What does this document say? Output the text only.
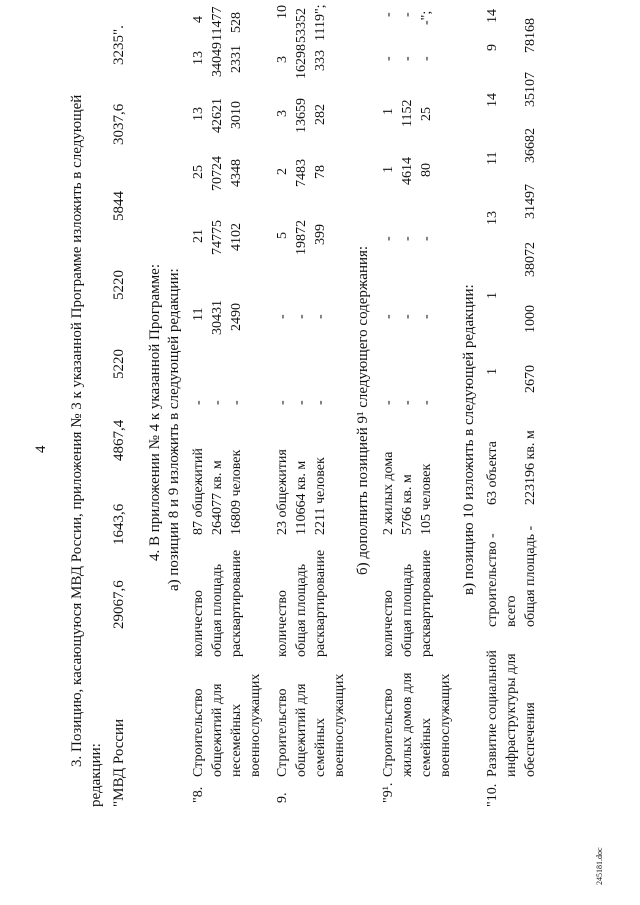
4 3. Позицию, касающуюся МВД России, приложения № 3 к указанной Программе изложить в следующей
редакции: "МВД России
29067,6
1643,6
4867,4
5220
5220
5844
3037,6
3235".
4. В приложении № 4 к указанной Программе: а) позиции 8 и 9 изложить в следующей редакции:
"8.
Строительство общежитий для несемейных военнослужащих
количество общая площадь расквартирование
87 общежитий 264077 кв. м 16809 человек
- - -
11 30431 2490
21 74775 4102
25 70724 4348
13 42621 3010
13 34049 2331
4 11477 528
9.
Строительство общежитий для семейных военнослужащих
количество общая площадь расквартирование
23 общежития 110664 кв. м 2211 человек
- - -
- - -
5 19872 399
2 7483 78
3 13659 282
3 16298 333
10 53352 1119";
б) дополнить позицией 9¹ следующего содержания:
"9¹.
Строительство жилых домов для семейных военнослужащих
количество общая площадь расквартирование
2 жилых дома 5766 кв. м 105 человек
- - -
- - -
- - -
1 4614 80
1 1152 25
- - -
- - -";
в) позицию 10 изложить в следующей редакции:
"10.
Развитие социальной инфраструктуры для обеспечения
строительство - всего общая площадь -
63 объекта 223196 кв. м
1
1
13
11
14
9
14
2670
1000
38072
31497
36682
35107
78168
245181.doc
